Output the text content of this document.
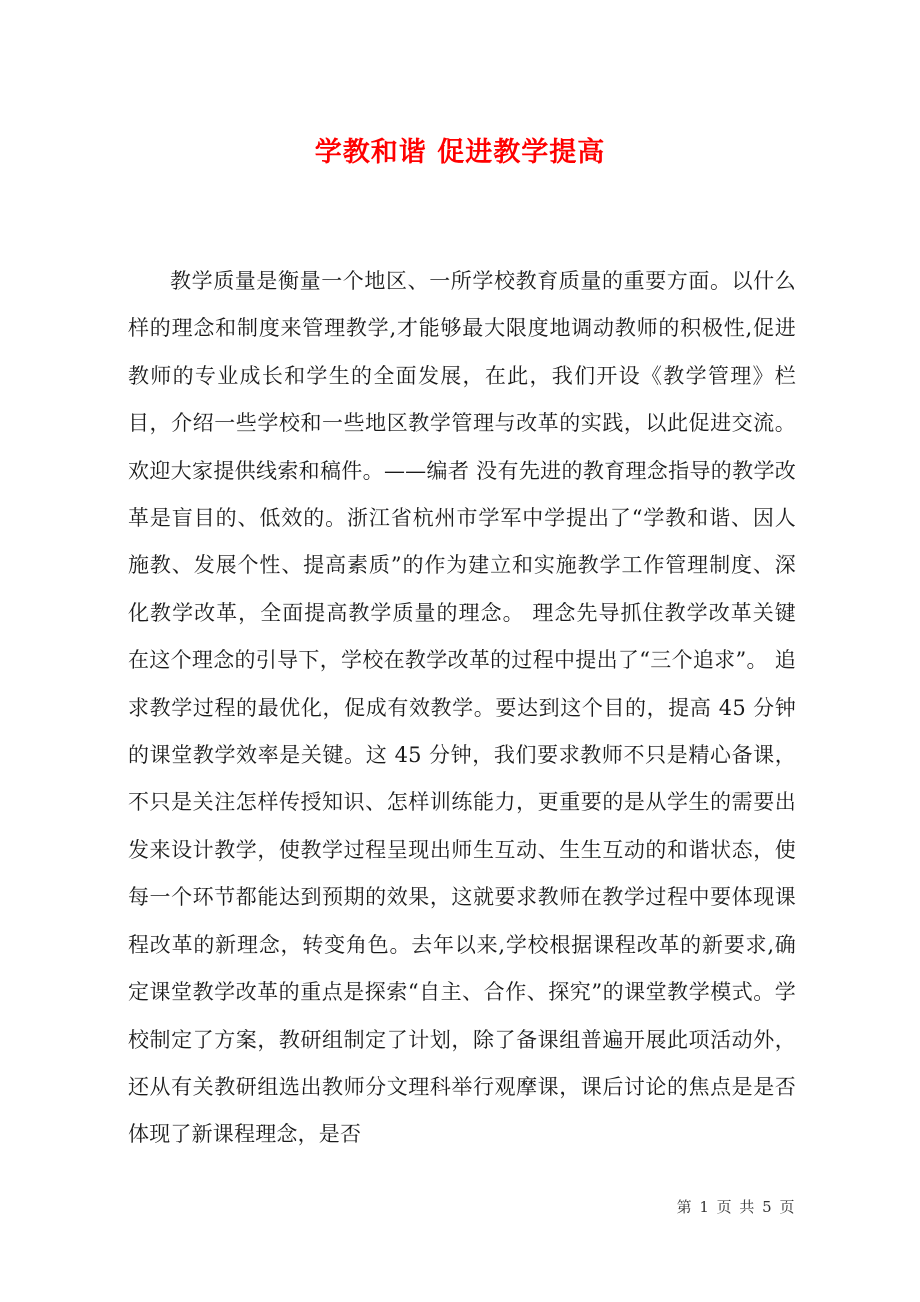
学教和谐 促进教学提高

教学质量是衡量一个地区、一所学校教育质量的重要方面。以什么样的理念和制度来管理教学,才能够最大限度地调动教师的积极性,促进教师的专业成长和学生的全面发展，在此，我们开设《教学管理》栏目，介绍一些学校和一些地区教学管理与改革的实践，以此促进交流。欢迎大家提供线索和稿件。——编者 没有先进的教育理念指导的教学改革是盲目的、低效的。浙江省杭州市学军中学提出了“学教和谐、因人施教、发展个性、提高素质”的作为建立和实施教学工作管理制度、深化教学改革，全面提高教学质量的理念。 理念先导抓住教学改革关键 在这个理念的引导下，学校在教学改革的过程中提出了“三个追求”。 追求教学过程的最优化，促成有效教学。要达到这个目的，提高 45 分钟的课堂教学效率是关键。这 45 分钟，我们要求教师不只是精心备课，不只是关注怎样传授知识、怎样训练能力，更重要的是从学生的需要出发来设计教学，使教学过程呈现出师生互动、生生互动的和谐状态，使每一个环节都能达到预期的效果，这就要求教师在教学过程中要体现课程改革的新理念，转变角色。去年以来,学校根据课程改革的新要求,确定课堂教学改革的重点是探索“自主、合作、探究”的课堂教学模式。学校制定了方案，教研组制定了计划，除了备课组普遍开展此项活动外，还从有关教研组选出教师分文理科举行观摩课，课后讨论的焦点是是否体现了新课程理念，是否

第 1 页 共 5 页
